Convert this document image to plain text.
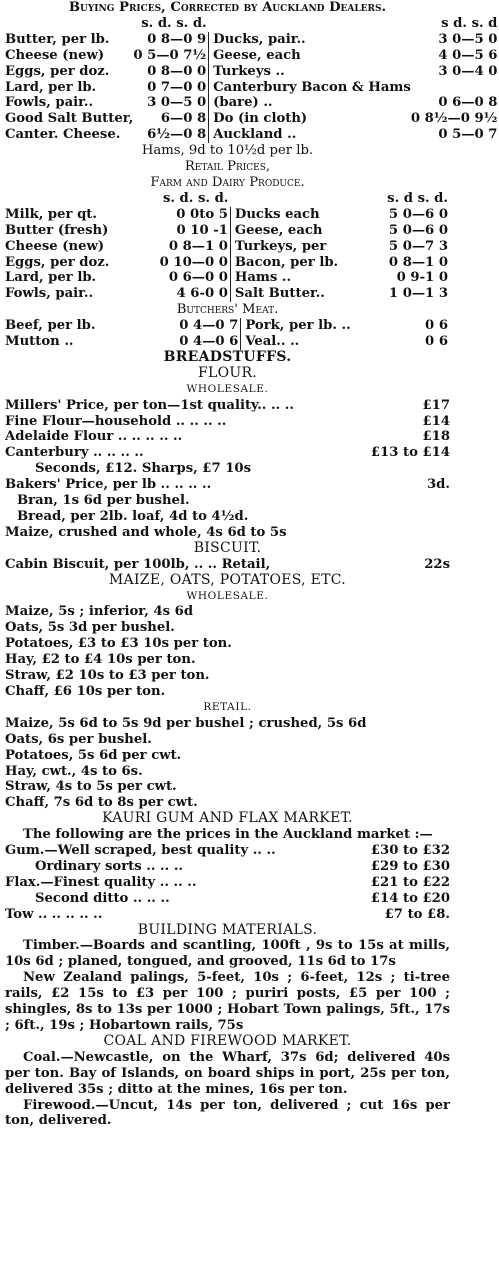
Buying Prices, Corrected by Auckland Dealers.
	s. d. s. d.		s d. s. d
Butter, per lb.	0 8—0 9	Ducks, pair..	3 0—5 0
Cheese (new)	0 5—0 7½	Geese, each	4 0—5 6
Eggs, per doz.	0 8—0 0	Turkeys ..	3 0—4 0
Lard, per lb.	0 7—0 0	Canterbury Bacon & Hams	
Fowls, pair..	3 0—5 0	(bare) ..	0 6—0 8
Good Salt Butter,	6—0 8	Do (in cloth)	0 8½—0 9½
Canter. Cheese.	6½—0 8	Auckland ..	0 5—0 7
Hams, 9d to 10½d per lb.
Retail Prices,
Farm and Dairy Produce.
	s. d. s. d.		s. d s. d.
Milk, per qt.	0 0to 5	Ducks each	5 0—6 0
Butter (fresh)	0 10 -1	Geese, each	5 0—6 0
Cheese (new)	0 8—1 0	Turkeys, per	5 0—7 3
Eggs, per doz.	0 10—0 0	Bacon, per lb.	0 8—1 0
Lard, per lb.	0 6—0 0	Hams ..	0 9-1 0
Fowls, pair..	4 6-0 0	Salt Butter..	1 0—1 3
Butchers' Meat.
Beef, per lb.	0 4—0 7	Pork, per lb. ..	0 6
Mutton ..	0 4—0 6	Veal.. ..	0 6
BREADSTUFFS.
FLOUR.
WHOLESALE.
Millers' Price, per ton—1st quality.. .. ..	£17
Fine Flour—household .. .. .. ..	£14
Adelaide Flour .. .. .. .. ..	£18
Canterbury .. .. .. ..	£13 to £14
Seconds, £12. Sharps, £7 10s
Bakers' Price, per lb .. .. .. ..	3d.
Bran, 1s 6d per bushel.
Bread, per 2lb. loaf, 4d to 4½d.
Maize, crushed and whole, 4s 6d to 5s
BISCUIT.
Cabin Biscuit, per 100lb, .. .. Retail,	22s
MAIZE, OATS, POTATOES, ETC.
WHOLESALE.
Maize, 5s ; inferior, 4s 6d
Oats, 5s 3d per bushel.
Potatoes, £3 to £3 10s per ton.
Hay, £2 to £4 10s per ton.
Straw, £2 10s to £3 per ton.
Chaff, £6 10s per ton.
RETAIL.
Maize, 5s 6d to 5s 9d per bushel ; crushed, 5s 6d
Oats, 6s per bushel.
Potatoes, 5s 6d per cwt.
Hay, cwt., 4s to 6s.
Straw, 4s to 5s per cwt.
Chaff, 7s 6d to 8s per cwt.
KAURI GUM AND FLAX MARKET.
The following are the prices in the Auckland market :—
Gum.—Well scraped, best quality .. ..	£30 to £32
Ordinary sorts .. .. ..	£29 to £30
Flax.—Finest quality .. .. ..	£21 to £22
Second ditto .. .. ..	£14 to £20
Tow .. .. .. .. ..	£7 to £8.
BUILDING MATERIALS.
Timber.—Boards and scantling, 100ft , 9s to 15s at mills, 10s 6d ; planed, tongued, and grooved, 11s 6d to 17s
New Zealand palings, 5-feet, 10s ; 6-feet, 12s ; ti-tree rails, £2 15s to £3 per 100 ; puriri posts, £5 per 100 ; shingles, 8s to 13s per 1000 ; Hobart Town palings, 5ft., 17s ; 6ft., 19s ; Hobartown rails, 75s
COAL AND FIREWOOD MARKET.
Coal.—Newcastle, on the Wharf, 37s 6d; delivered 40s per ton. Bay of Islands, on board ships in port, 25s per ton, delivered 35s ; ditto at the mines, 16s per ton.
Firewood.—Uncut, 14s per ton, delivered ; cut 16s per ton, delivered.
